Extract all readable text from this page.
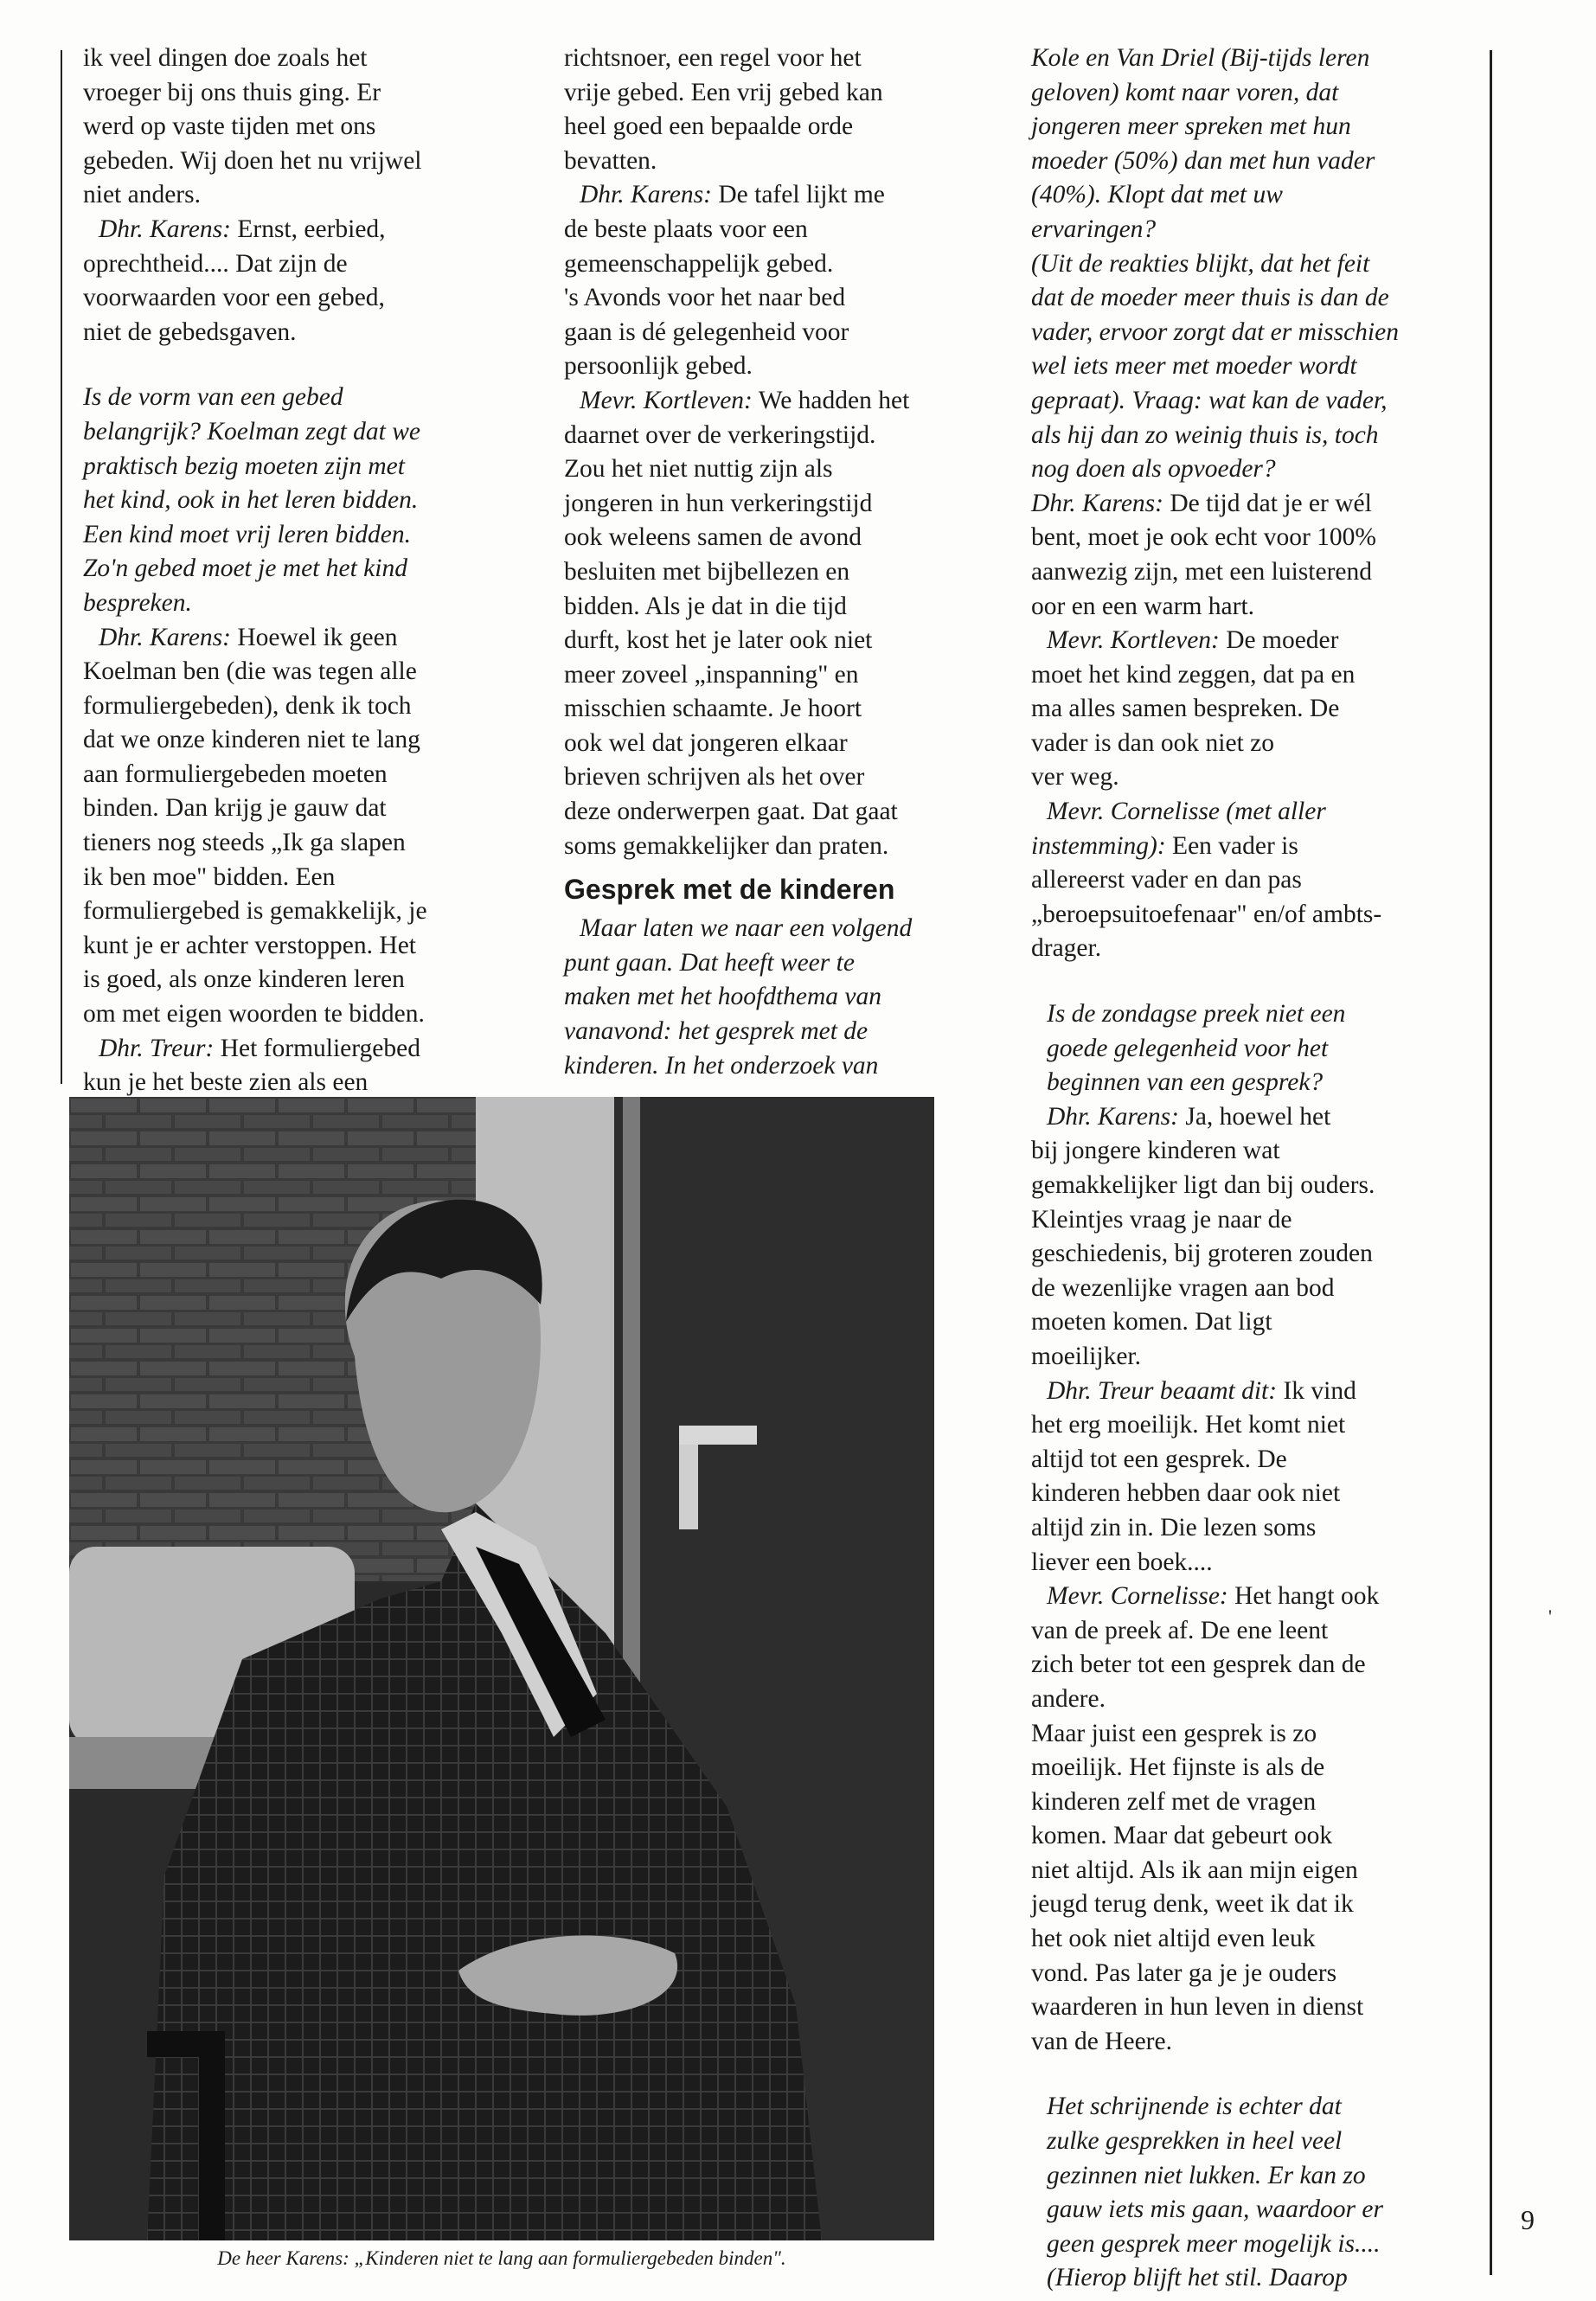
ik veel dingen doe zoals het

vroeger bij ons thuis ging. Er

werd op vaste tijden met ons

gebeden. Wij doen het nu vrijwel

niet anders.

Dhr. Karens: Ernst, eerbied,

oprechtheid.... Dat zijn de

voorwaarden voor een gebed,

niet de gebedsgaven.

Is de vorm van een gebed

belangrijk? Koelman zegt dat we

praktisch bezig moeten zijn met

het kind, ook in het leren bidden.

Een kind moet vrij leren bidden.

Zo'n gebed moet je met het kind

bespreken.

Dhr. Karens: Hoewel ik geen

Koelman ben (die was tegen alle

formuliergebeden), denk ik toch

dat we onze kinderen niet te lang

aan formuliergebeden moeten

binden. Dan krijg je gauw dat

tieners nog steeds „Ik ga slapen

ik ben moe" bidden. Een

formuliergebed is gemakkelijk, je

kunt je er achter verstoppen. Het

is goed, als onze kinderen leren

om met eigen woorden te bidden.

Dhr. Treur: Het formuliergebed

kun je het beste zien als een

richtsnoer, een regel voor het

vrije gebed. Een vrij gebed kan

heel goed een bepaalde orde

bevatten.

Dhr. Karens: De tafel lijkt me

de beste plaats voor een

gemeenschappelijk gebed.

's Avonds voor het naar bed

gaan is dé gelegenheid voor

persoonlijk gebed.

Mevr. Kortleven: We hadden het

daarnet over de verkeringstijd.

Zou het niet nuttig zijn als

jongeren in hun verkeringstijd

ook weleens samen de avond

besluiten met bijbellezen en

bidden. Als je dat in die tijd

durft, kost het je later ook niet

meer zoveel „inspanning" en

misschien schaamte. Je hoort

ook wel dat jongeren elkaar

brieven schrijven als het over

deze onderwerpen gaat. Dat gaat

soms gemakkelijker dan praten.

Gesprek met de kinderen

Maar laten we naar een volgend

punt gaan. Dat heeft weer te

maken met het hoofdthema van

vanavond: het gesprek met de

kinderen. In het onderzoek van

Kole en Van Driel (Bij-tijds leren

geloven) komt naar voren, dat

jongeren meer spreken met hun

moeder (50%) dan met hun vader

(40%). Klopt dat met uw

ervaringen?

(Uit de reakties blijkt, dat het feit

dat de moeder meer thuis is dan de

vader, ervoor zorgt dat er misschien

wel iets meer met moeder wordt

gepraat). Vraag: wat kan de vader,

als hij dan zo weinig thuis is, toch

nog doen als opvoeder?

Dhr. Karens: De tijd dat je er wél

bent, moet je ook echt voor 100%

aanwezig zijn, met een luisterend

oor en een warm hart.

Mevr. Kortleven: De moeder

moet het kind zeggen, dat pa en

ma alles samen bespreken. De

vader is dan ook niet zo

ver weg.

Mevr. Cornelisse (met aller

instemming): Een vader is

allereerst vader en dan pas

„beroepsuitoefenaar" en/of ambts-

drager.

Is de zondagse preek niet een

goede gelegenheid voor het

beginnen van een gesprek?

Dhr. Karens: Ja, hoewel het

bij jongere kinderen wat

gemakkelijker ligt dan bij ouders.

Kleintjes vraag je naar de

geschiedenis, bij groteren zouden

de wezenlijke vragen aan bod

moeten komen. Dat ligt

moeilijker.

Dhr. Treur beaamt dit: Ik vind

het erg moeilijk. Het komt niet

altijd tot een gesprek. De

kinderen hebben daar ook niet

altijd zin in. Die lezen soms

liever een boek....

Mevr. Cornelisse: Het hangt ook

van de preek af. De ene leent

zich beter tot een gesprek dan de

andere.

Maar juist een gesprek is zo

moeilijk. Het fijnste is als de

kinderen zelf met de vragen

komen. Maar dat gebeurt ook

niet altijd. Als ik aan mijn eigen

jeugd terug denk, weet ik dat ik

het ook niet altijd even leuk

vond. Pas later ga je je ouders

waarderen in hun leven in dienst

van de Heere.

Het schrijnende is echter dat

zulke gesprekken in heel veel

gezinnen niet lukken. Er kan zo

gauw iets mis gaan, waardoor er

geen gesprek meer mogelijk is....

(Hierop blijft het stil. Daarop

De heer Karens: „Kinderen niet te lang aan formuliergebeden binden".
9
'
